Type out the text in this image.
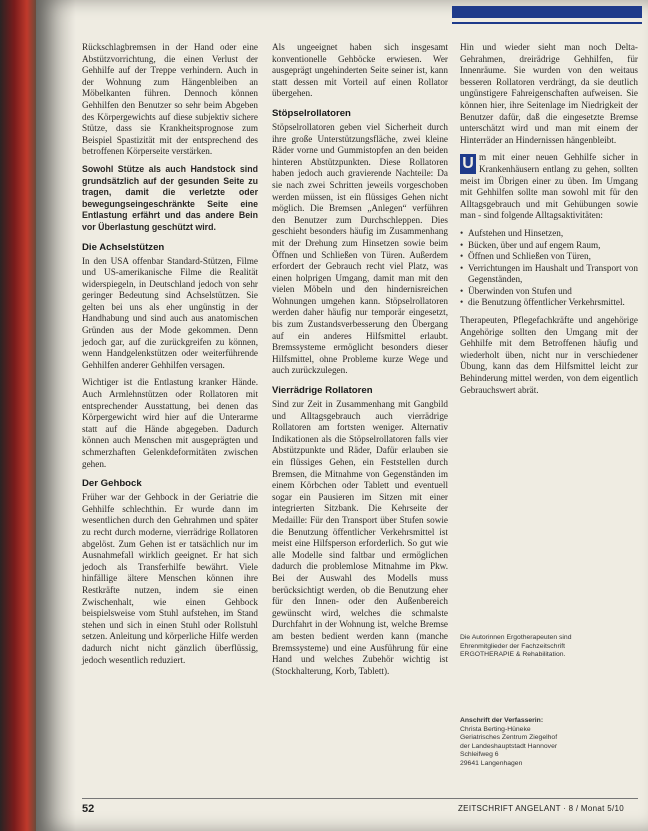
Rückschlagbremsen in der Hand oder eine Abstützvorrichtung, die einen Verlust der Gehhilfe auf der Treppe verhindern. Auch in der Wohnung zum Hängenbleiben an Möbelkanten führen. Dennoch können Gehhilfen den Benutzer so sehr beim Abgeben des Körpergewichts auf diese subjektiv sichere Stütze, dass sie Krankheitsprognose zum Beispiel Spastizität mit der entsprechend des betroffenen Körperseite verstärken.

Sowohl Stütze als auch Handstock sind grundsätzlich auf der gesunden Seite zu tragen, damit die verletzte oder bewegungseingeschränkte Seite eine Entlastung erfährt und das andere Bein vor Überlastung geschützt wird.

Die Achselstützen

In den USA offenbar Standard-Stützen, Filme und US-amerikanische Filme die Realität widerspiegeln, in Deutschland jedoch von sehr geringer Bedeutung sind Achselstützen. Sie gelten bei uns als eher ungünstig in der Handhabung und sind auch aus anatomischen Gründen aus der Mode gekommen. Denn jedoch gar, auf die zurückgreifen zu können, wenn Handgelenkstützen oder weiterführende Gehhilfen anderer Gehhilfen versagen.

Wichtiger ist die Entlastung kranker Hände. Auch Armlehnstützen oder Rollatoren mit entsprechender Ausstattung, bei denen das Körpergewicht wird hier auf die Unterarme statt auf die Hände abgegeben. Dadurch können auch Menschen mit ausgeprägten und schmerzhaften Gelenkdeformitäten zwischen gehen.

Der Gehbock

Früher war der Gehbock in der Geriatrie die Gehhilfe schlechthin. Er wurde dann im wesentlichen durch den Gehrahmen und später zu recht durch moderne, vierrädrige Rollatoren abgelöst. Zum Gehen ist er tatsächlich nur im Ausnahmefall wirklich geeignet. Er hat sich jedoch als Transferhilfe bewährt. Viele hinfällige ältere Menschen können ihre Restkräfte nutzen, indem sie einen Zwischenhalt, wie einen Gehbock beispielsweise vom Stuhl aufstehen, im Stand stehen und sich in einen Stuhl oder Rollstuhl setzen. Anleitung und körperliche Hilfe werden dadurch nicht nicht gänzlich überflüssig, jedoch wesentlich reduziert.

Als ungeeignet haben sich insgesamt konventionelle Gehböcke erwiesen. Wer ausgeprägt ungehinderten Seite seiner ist, kann statt dessen mit Vorteil auf einen Rollator übergehen.

Stöpselrollatoren

Stöpselrollatoren geben viel Sicherheit durch ihre große Unterstützungsfläche, zwei kleine Räder vorne und Gummistopfen an den beiden hinteren Abstützpunkten. Diese Rollatoren haben jedoch auch gravierende Nachteile: Da sie nach zwei Schritten jeweils vorgeschoben werden müssen, ist ein flüssiges Gehen nicht möglich. Die Bremsen „Anlegen“ verführen den Benutzer zum Durchschleppen. Dies geschieht besonders häufig im Zusammenhang mit der Drehung zum Hinsetzen sowie beim Öffnen und Schließen von Türen. Außerdem erfordert der Gebrauch recht viel Platz, was einen holprigen Umgang, damit man mit den vielen Möbeln und den hindernisreichen Wohnungen umgehen kann. Stöpselrollatoren werden daher häufig nur temporär eingesetzt, bis zum Zustandsverbesserung den Übergang auf ein anderes Hilfsmittel erlaubt. Bremssysteme ermöglicht besonders dieser Hilfsmittel, ohne Probleme kurze Wege und auch zurückzulegen.

Vierrädrige Rollatoren

Sind zur Zeit in Zusammenhang mit Gangbild und Alltagsgebrauch auch vierrädrige Rollatoren am fortsten weniger. Alternativ Indikationen als die Stöpselrollatoren falls vier Abstützpunkte und Räder, Dafür erlauben sie ein flüssiges Gehen, ein Feststellen durch Bremsen, die Mitnahme von Gegenständen im einem Körbchen oder Tablett und eventuell sogar ein Pausieren im Sitzen mit einer integrierten Sitzbank. Die Kehrseite der Medaille: Für den Transport über Stufen sowie die Benutzung öffentlicher Verkehrsmittel ist meist eine Hilfsperson erforderlich. So gut wie alle Modelle sind faltbar und ermöglichen dadurch die problemlose Mitnahme im Pkw. Bei der Auswahl des Modells muss berücksichtigt werden, ob die Benutzung eher für den Innen- oder den Außenbereich gewünscht wird, welches die schmalste Durchfahrt in der Wohnung ist, welche Bremse am besten bedient werden kann (manche Bremssysteme) und eine Ausführung für eine Hand und welches Zubehör wichtig ist (Stockhalterung, Korb, Tablett).

Hin und wieder sieht man noch Delta-Gehrahmen, dreirädrige Gehhilfen, für Innenräume. Sie wurden von den weitaus besseren Rollatoren verdrängt, da sie deutlich ungünstigere Fahreigenschaften aufweisen. Sie können hier, ihre Seitenlage im Niedrigkeit der Benutzer dafür, daß die eingesetzte Bremse unterschätzt wird und man mit einem der Hinterräder an Hindernissen hängenbleibt.

U m mit einer neuen Gehhilfe sicher in Krankenhäusern entlang zu gehen, sollten meist im Übrigen einer zu üben. Im Umgang mit Gehhilfen sollte man sowohl mit für den Alltagsgebrauch und mit Gehübungen sowie man - sind folgende Alltagsaktivitäten:

• Aufstehen und Hinsetzen,
• Bücken, über und auf engem Raum,
• Öffnen und Schließen von Türen,
• Verrichtungen im Haushalt und Transport von Gegenständen,
• Überwinden von Stufen und
• die Benutzung öffentlicher Verkehrsmittel.

Therapeuten, Pflegefachkräfte und angehörige Angehörige sollten den Umgang mit der Gehhilfe mit dem Betroffenen häufig und wiederholt üben, nicht nur in verschiedener Übung, kann das dem Hilfsmittel leicht zur Behinderung mittel werden, von dem eigentlich Gebrauchswert abrät.

Die Autorinnen Ergotherapeuten sind Ehrenmitglieder der Fachzeitschrift ERGOTHERAPIE & Rehabilitation.
Anschrift der Verfasserin:
Christa Berting-Hüneke
Geriatrisches Zentrum Ziegelhof
der Landeshauptstadt Hannover
Schleifweg 6
29641 Langenhagen
52	ZEITSCHRIFT ANGELANT · 8 / Monat 5/10
